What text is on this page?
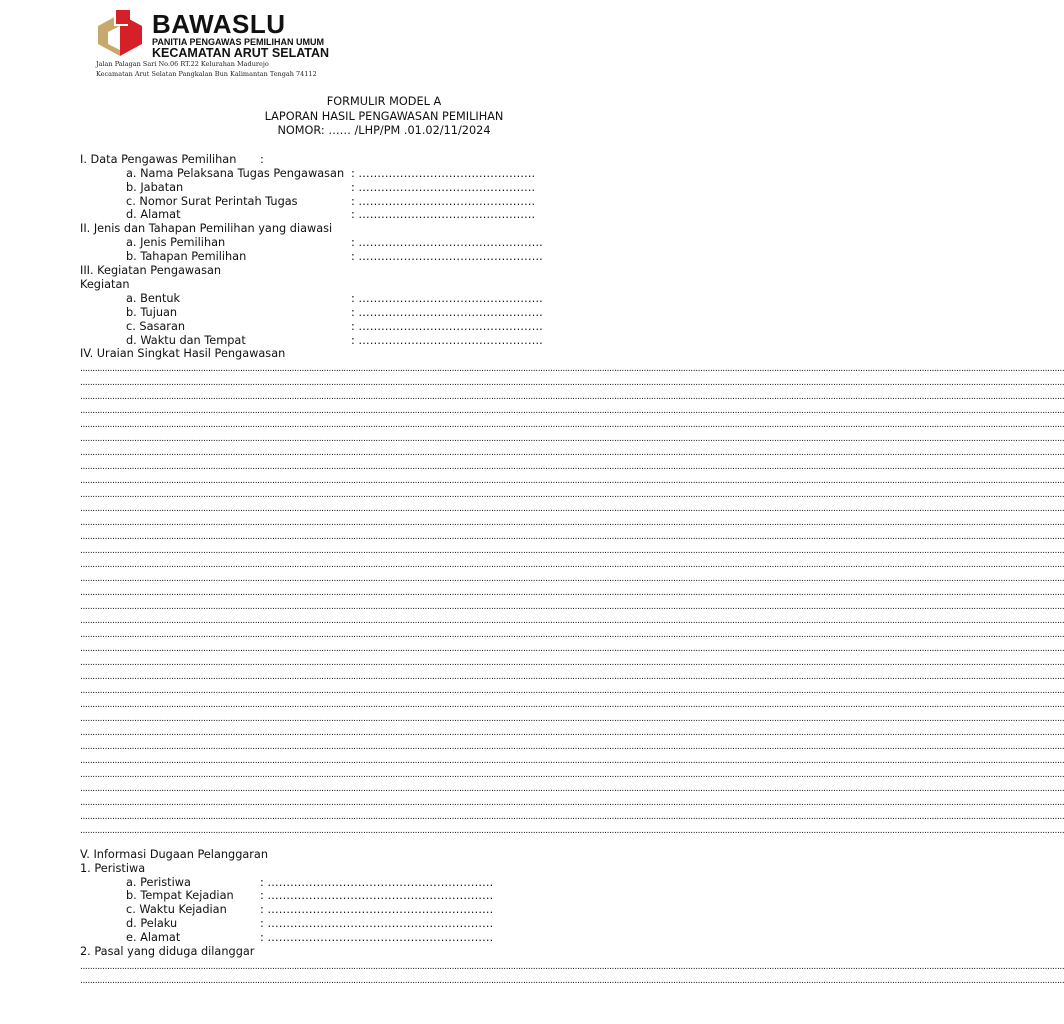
BAWASLU
PANITIA PENGAWAS PEMILIHAN UMUM
KECAMATAN ARUT SELATAN
Jalan Palagan Sari No.06 RT.22 Kelurahan Madurejo
Kecamatan Arut Selatan Pangkalan Bun Kalimantan Tengah 74112
FORMULIR MODEL A
LAPORAN HASIL PENGAWASAN PEMILIHAN
NOMOR: …… /LHP/PM .01.02/11/2024
I. Data Pengawas Pemilihan :
a. Nama Pelaksana Tugas Pengawasan : ………………………………………..
b. Jabatan	: ………………………………………..
c. Nomor Surat Perintah Tugas	: ………………………………………..
d. Alamat	: ………………………………………..
II. Jenis dan Tahapan Pemilihan yang diawasi
a. Jenis Pemilihan	: ………………………………………….
b. Tahapan Pemilihan	: ………………………………………….
III. Kegiatan Pengawasan
Kegiatan
a. Bentuk	: ………………………………………….
b. Tujuan	: ………………………………………….
c. Sasaran	: ………………………………………….
d. Waktu dan Tempat	: ………………………………………….
IV. Uraian Singkat Hasil Pengawasan
................................................................................................................................................................................................................................................................................................................................................................................................................
................................................................................................................................................................................................................................................................................................................................................................................................................
................................................................................................................................................................................................................................................................................................................................................................................................................
................................................................................................................................................................................................................................................................................................................................................................................................................
................................................................................................................................................................................................................................................................................................................................................................................................................
................................................................................................................................................................................................................................................................................................................................................................................................................
................................................................................................................................................................................................................................................................................................................................................................................................................
................................................................................................................................................................................................................................................................................................................................................................................................................
................................................................................................................................................................................................................................................................................................................................................................................................................
................................................................................................................................................................................................................................................................................................................................................................................................................
................................................................................................................................................................................................................................................................................................................................................................................................................
................................................................................................................................................................................................................................................................................................................................................................................................................
................................................................................................................................................................................................................................................................................................................................................................................................................
................................................................................................................................................................................................................................................................................................................................................................................................................
................................................................................................................................................................................................................................................................................................................................................................................................................
................................................................................................................................................................................................................................................................................................................................................................................................................
................................................................................................................................................................................................................................................................................................................................................................................................................
................................................................................................................................................................................................................................................................................................................................................................................................................
................................................................................................................................................................................................................................................................................................................................................................................................................
................................................................................................................................................................................................................................................................................................................................................................................................................
................................................................................................................................................................................................................................................................................................................................................................................................................
................................................................................................................................................................................................................................................................................................................................................................................................................
................................................................................................................................................................................................................................................................................................................................................................................................................
................................................................................................................................................................................................................................................................................................................................................................................................................
................................................................................................................................................................................................................................................................................................................................................................................................................
................................................................................................................................................................................................................................................................................................................................................................................................................
................................................................................................................................................................................................................................................................................................................................................................................................................
................................................................................................................................................................................................................................................................................................................................................................................................................
................................................................................................................................................................................................................................................................................................................................................................................................................
................................................................................................................................................................................................................................................................................................................................................................................................................
................................................................................................................................................................................................................................................................................................................................................................................................................
................................................................................................................................................................................................................................................................................................................................................................................................................
................................................................................................................................................................................................................................................................................................................................................................................................................
................................................................................................................................................................................................................................................................................................................................................................................................................
................................................................................................................................................................................................................................................................................................................................................................................................................
................................................................................................................................................................................................................................................................................................................................................................................................................
V. Informasi Dugaan Pelanggaran
1. Peristiwa
a. Peristiwa	: ……………………………………………………
b. Tempat Kejadian : ……………………………………………………
c. Waktu Kejadian	: ……………………………………………………
d. Pelaku	: ……………………………………………………
e. Alamat	: ……………………………………………………
2. Pasal yang diduga dilanggar
